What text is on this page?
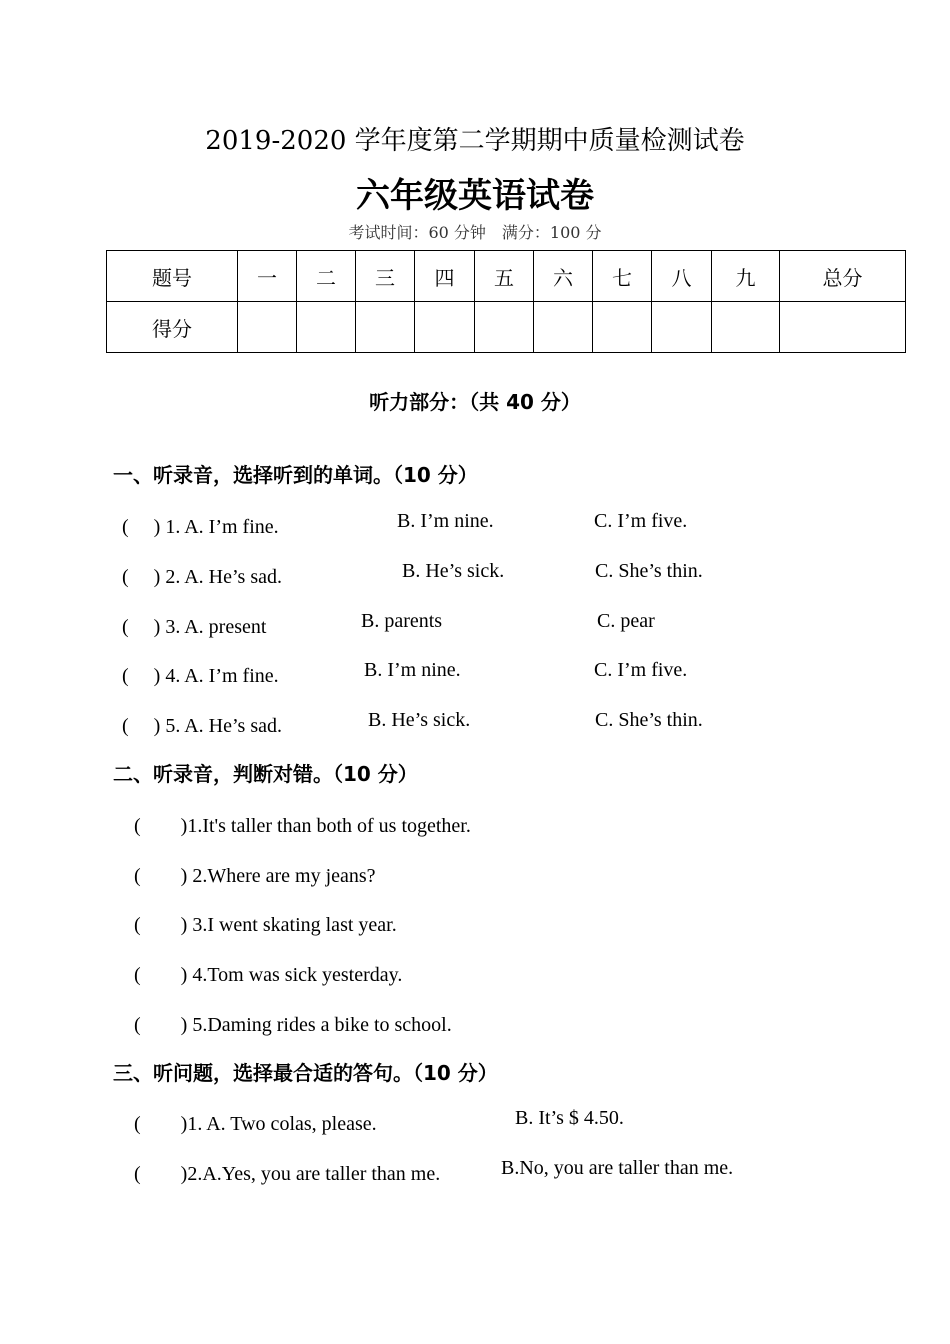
2019-2020 学年度第二学期期中质量检测试卷
六年级英语试卷
考试时间：60 分钟　满分：100 分
题号	一	二	三	四	五	六	七	八	九	总分
得分										
听力部分：（共 40 分）
一、听录音，选择听到的单词。（10 分）
(　 ) 1. A. I’m fine.	B. I’m nine.	C. I’m five.
(　 ) 2. A. He’s sad.	B. He’s sick.	C. She’s thin.
(　 ) 3. A. present	B. parents	C. pear
(　 ) 4. A. I’m fine.	B. I’m nine.	C. I’m five.
(　 ) 5. A. He’s sad.	B. He’s sick.	C. She’s thin.
二、听录音，判断对错。（10 分）
(　　)1.It's taller than both of us together.
(　　) 2.Where are my jeans?
(　　) 3.I went skating last year.
(　　) 4.Tom was sick yesterday.
(　　) 5.Daming rides a bike to school.
三、听问题，选择最合适的答句。（10 分）
(　　)1. A. Two colas, please.	B. It’s $ 4.50.
(　　)2.A.Yes, you are taller than me.	B.No, you are taller than me.
